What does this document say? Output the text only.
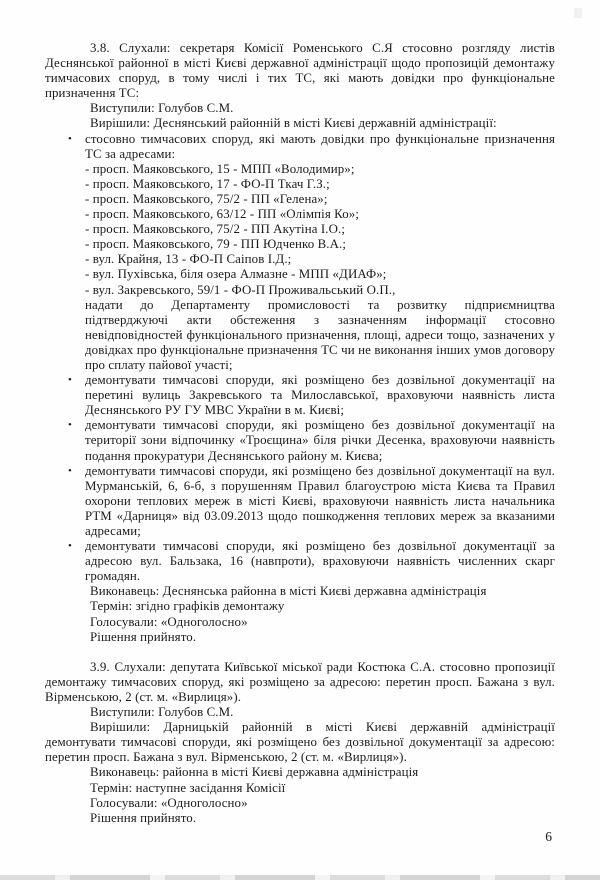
3.8. Слухали: секретаря Комісії Роменського С.Я стосовно розгляду листів Деснянської районної в місті Києві державної адміністрації щодо пропозицій демонтажу тимчасових споруд, в тому числі і тих ТС, які мають довідки про функціональне призначення ТС:

Виступили: Голубов С.М.

Вирішили: Деснянський районній в місті Києві державній адміністрації:

• стосовно тимчасових споруд, які мають довідки про функціональне призначення ТС за адресами:

- просп. Маяковського, 15 - МПП «Володимир»;

- просп. Маяковського, 17 - ФО-П Ткач Г.З.;

- просп. Маяковського, 75/2 - ПП «Гелена»;

- просп. Маяковського, 63/12 - ПП «Олімпія Ко»;

- просп. Маяковського, 75/2 - ПП Акутіна І.О.;

- просп. Маяковського, 79 - ПП Юдченко В.А.;

- вул. Крайня, 13 - ФО-П Саіпов І.Д.;

- вул. Пухівська, біля озера Алмазне - МПП «ДИАФ»;

- вул. Закревського, 59/1 - ФО-П Проживальський О.П.,

надати до Департаменту промисловості та розвитку підприємництва підтверджуючі акти обстеження з зазначенням інформації стосовно невідповідностей функціонального призначення, площі, адреси тощо, зазначених у довідках про функціональне призначення ТС чи не виконання інших умов договору про сплату пайової участі;

• демонтувати тимчасові споруди, які розміщено без дозвільної документації на перетині вулиць Закревського та Милославської, враховуючи наявність листа Деснянського РУ ГУ МВС України в м. Києві;

• демонтувати тимчасові споруди, які розміщено без дозвільної документації на території зони відпочинку «Троєщина» біля річки Десенка, враховуючи наявність подання прокуратури Деснянського району м. Києва;

• демонтувати тимчасові споруди, які розміщено без дозвільної документації на вул. Мурманській, 6, 6-б, з порушенням Правил благоустрою міста Києва та Правил охорони теплових мереж в місті Києві, враховуючи наявність листа начальника РТМ «Дарниця» від 03.09.2013 щодо пошкодження теплових мереж за вказаними адресами;

• демонтувати тимчасові споруди, які розміщено без дозвільної документації за адресою вул. Бальзака, 16 (навпроти), враховуючи наявність численних скарг громадян.

Виконавець: Деснянська районна в місті Києві державна адміністрація

Термін: згідно графіків демонтажу

Голосували: «Одноголосно»

Рішення прийнято.

3.9. Слухали: депутата Київської міської ради Костюка С.А. стосовно пропозиції демонтажу тимчасових споруд, які розміщено за адресою: перетин просп. Бажана з вул. Вірменською, 2 (ст. м. «Вирлиця»).

Виступили: Голубов С.М.

Вирішили: Дарницькій районній в місті Києві державній адміністрації демонтувати тимчасові споруди, які розміщено без дозвільної документації за адресою: перетин просп. Бажана з вул. Вірменською, 2 (ст. м. «Вирлиця»).

Виконавець: районна в місті Києві державна адміністрація

Термін: наступне засідання Комісії

Голосували: «Одноголосно»

Рішення прийнято.

6
